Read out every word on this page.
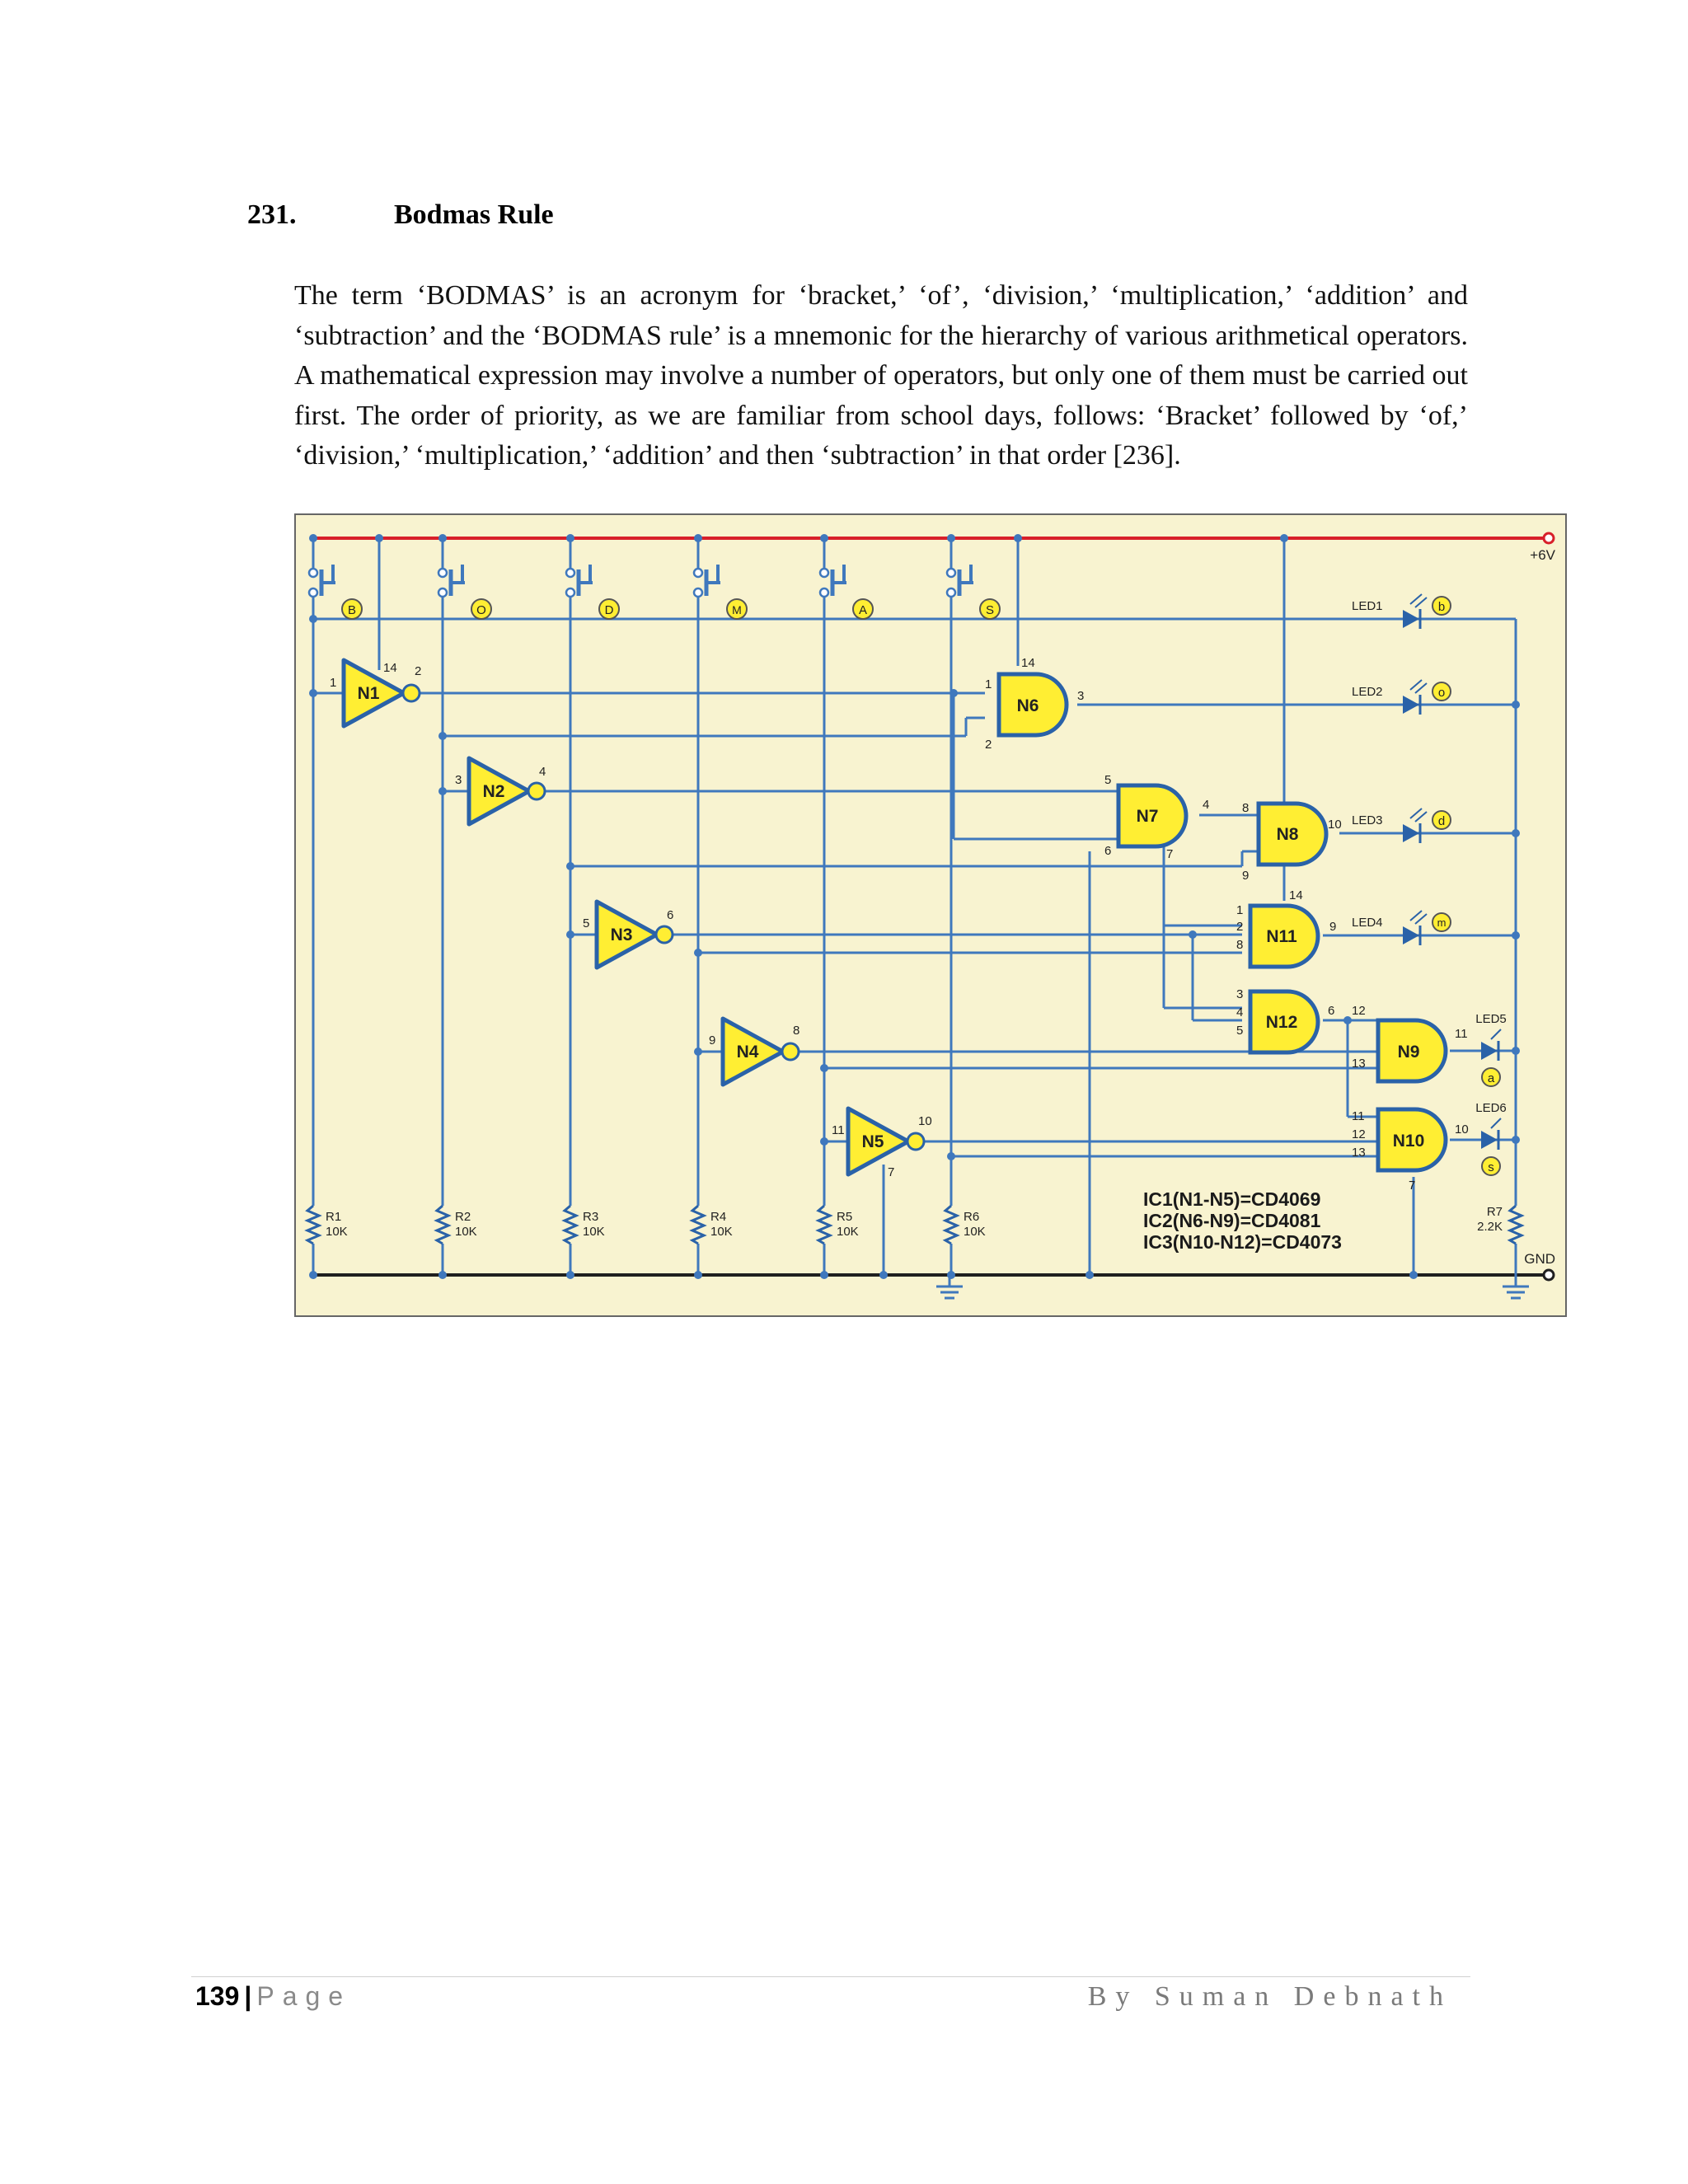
231.	Bodmas Rule

The term ‘BODMAS’ is an acronym for ‘bracket,’ ‘of’, ‘division,’ ‘multiplication,’ ‘addition’ and ‘subtraction’ and the ‘BODMAS rule’ is a mnemonic for the hierarchy of various arithmetical operators. A mathematical expression may involve a number of operators, but only one of them must be carried out first. The order of priority, as we are familiar from school days, follows: ‘Bracket’ followed by ‘of,’ ‘division,’ ‘multiplication,’ ‘addition’ and then ‘subtraction’ in that order [236].

+6V
GND
B	O	D	M	A	S
N1
1
14 2
N2
3
4
N3
5
6
N4
9
8
N5
11
10
7
N6
14
1
2
3
N7
5
6
4
7
N8
8
9
10
N11
14
1
2
8
9
N12
3
4
5
6
N9
12
13
11
N10
11
12
13
10
7
LED1	b
LED2	o
LED3	d
LED4	m
LED5
a
LED6
s
R1
10K
R2
10K
R3
10K
R4
10K
R5
10K
R6
10K
R7
2.2K
IC1(N1-N5)=CD4069
IC2(N6-N9)=CD4081
IC3(N10-N12)=CD4073
139 | Page	By Suman Debnath
